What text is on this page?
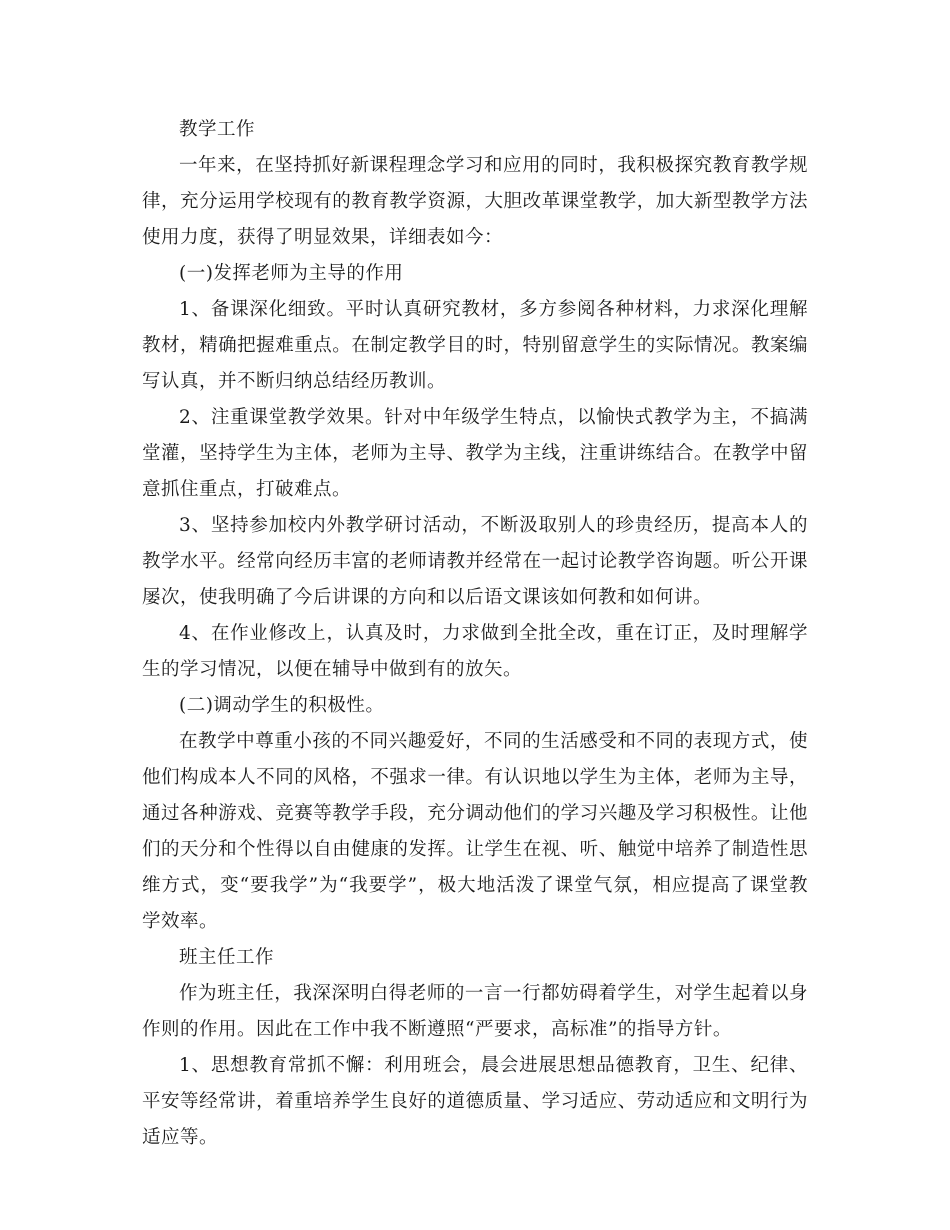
教学工作

一年来，在坚持抓好新课程理念学习和应用的同时，我积极探究教育教学规律，充分运用学校现有的教育教学资源，大胆改革课堂教学，加大新型教学方法使用力度，获得了明显效果，详细表如今：

(一)发挥老师为主导的作用

1、备课深化细致。平时认真研究教材，多方参阅各种材料，力求深化理解教材，精确把握难重点。在制定教学目的时，特别留意学生的实际情况。教案编写认真，并不断归纳总结经历教训。

2、注重课堂教学效果。针对中年级学生特点，以愉快式教学为主，不搞满堂灌，坚持学生为主体，老师为主导、教学为主线，注重讲练结合。在教学中留意抓住重点，打破难点。

3、坚持参加校内外教学研讨活动，不断汲取别人的珍贵经历，提高本人的教学水平。经常向经历丰富的老师请教并经常在一起讨论教学咨询题。听公开课屡次，使我明确了今后讲课的方向和以后语文课该如何教和如何讲。

4、在作业修改上，认真及时，力求做到全批全改，重在订正，及时理解学生的学习情况，以便在辅导中做到有的放矢。

(二)调动学生的积极性。

在教学中尊重小孩的不同兴趣爱好，不同的生活感受和不同的表现方式，使他们构成本人不同的风格，不强求一律。有认识地以学生为主体，老师为主导，通过各种游戏、竞赛等教学手段，充分调动他们的学习兴趣及学习积极性。让他们的天分和个性得以自由健康的发挥。让学生在视、听、触觉中培养了制造性思维方式，变“要我学”为“我要学”，极大地活泼了课堂气氛，相应提高了课堂教学效率。

班主任工作

作为班主任，我深深明白得老师的一言一行都妨碍着学生，对学生起着以身作则的作用。因此在工作中我不断遵照“严要求，高标准”的指导方针。

1、思想教育常抓不懈：利用班会，晨会进展思想品德教育，卫生、纪律、平安等经常讲，着重培养学生良好的道德质量、学习适应、劳动适应和文明行为适应等。
